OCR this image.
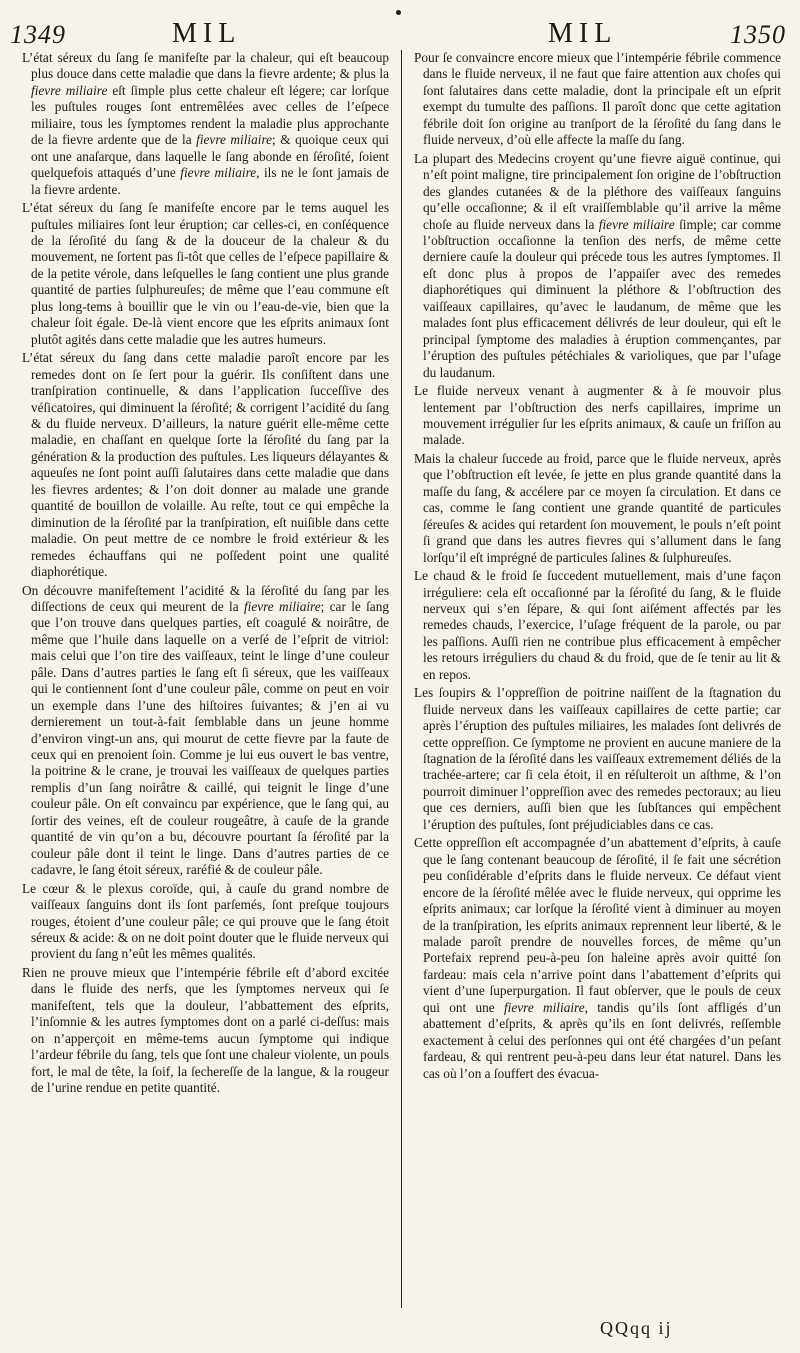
1349	MIL	MIL	1350

L’état séreux du ſang ſe manifeſte par la chaleur, qui eſt beaucoup plus douce dans cette maladie que dans la fievre ardente; & plus la fievre miliaire eſt ſimple plus cette chaleur eſt légere; car lorſque les puſtules rouges ſont entremêlées avec celles de l’eſpece miliaire, tous les ſymptomes rendent la maladie plus approchante de la fievre ardente que de la fievre miliaire; & quoique ceux qui ont une anaſarque, dans laquelle le ſang abonde en ſéroſité, ſoient quelquefois attaqués d’une fievre miliaire, ils ne le ſont jamais de la fievre ardente.

L’état séreux du ſang ſe manifeſte encore par le tems auquel les puſtules miliaires ſont leur éruption; car celles-ci, en conſéquence de la ſéroſité du ſang & de la douceur de la chaleur & du mouvement, ne ſortent pas ſi-tôt que celles de l’eſpece papillaire & de la petite vérole, dans leſquelles le ſang contient une plus grande quantité de parties ſulphureuſes; de même que l’eau commune eſt plus long-tems à bouillir que le vin ou l’eau-de-vie, bien que la chaleur ſoit égale. De-là vient encore que les eſprits animaux ſont plutôt agités dans cette maladie que les autres humeurs.

L’état séreux du ſang dans cette maladie paroît encore par les remedes dont on ſe ſert pour la guérir. Ils conſiſtent dans une tranſpiration continuelle, & dans l’application ſucceſſive des véſicatoires, qui diminuent la ſéroſité; & corrigent l’acidité du ſang & du fluide nerveux. D’ailleurs, la nature guérit elle-même cette maladie, en chaſſant en quelque ſorte la ſéroſité du ſang par la génération & la production des puſtules. Les liqueurs délayantes & aqueuſes ne ſont point auſſi ſalutaires dans cette maladie que dans les fievres ardentes; & l’on doit donner au malade une grande quantité de bouillon de volaille. Au reſte, tout ce qui empêche la diminution de la ſéroſité par la tranſpiration, eſt nuiſible dans cette maladie. On peut mettre de ce nombre le froid extérieur & les remedes échauffans qui ne poſſedent point une qualité diaphorétique.

On découvre manifeſtement l’acidité & la ſéroſité du ſang par les diſſections de ceux qui meurent de la fievre miliaire; car le ſang que l’on trouve dans quelques parties, eſt coagulé & noirâtre, de même que l’huile dans laquelle on a verſé de l’eſprit de vitriol: mais celui que l’on tire des vaiſſeaux, teint le linge d’une couleur pâle. Dans d’autres parties le ſang eſt ſi séreux, que les vaiſſeaux qui le contiennent ſont d’une couleur pâle, comme on peut en voir un exemple dans l’une des hiſtoires ſuivantes; & j’en ai vu dernierement un tout-à-fait ſemblable dans un jeune homme d’environ vingt-un ans, qui mourut de cette fievre par la faute de ceux qui en prenoient ſoin. Comme je lui eus ouvert le bas ventre, la poitrine & le crane, je trouvai les vaiſſeaux de quelques parties remplis d’un ſang noirâtre & caillé, qui teignit le linge d’une couleur pâle. On eſt convaincu par expérience, que le ſang qui, au ſortir des veines, eſt de couleur rougeâtre, à cauſe de la grande quantité de vin qu’on a bu, découvre pourtant ſa ſéroſité par la couleur pâle dont il teint le linge. Dans d’autres parties de ce cadavre, le ſang étoit séreux, raréfié & de couleur pâle.

Le cœur & le plexus coroïde, qui, à cauſe du grand nombre de vaiſſeaux ſanguins dont ils ſont parſemés, ſont preſque toujours rouges, étoient d’une couleur pâle; ce qui prouve que le ſang étoit séreux & acide: & on ne doit point douter que le fluide nerveux qui provient du ſang n’eût les mêmes qualités.

Rien ne prouve mieux que l’intempérie fébrile eſt d’abord excitée dans le fluide des nerfs, que les ſymptomes nerveux qui ſe manifeſtent, tels que la douleur, l’abbattement des eſprits, l’inſomnie & les autres ſymptomes dont on a parlé ci-deſſus: mais on n’apperçoit en même-tems aucun ſymptome qui indique l’ardeur fébrile du ſang, tels que ſont une chaleur violente, un pouls fort, le mal de tête, la ſoif, la ſechereſſe de la langue, & la rougeur de l’urine rendue en petite quantité.

Pour ſe convaincre encore mieux que l’intempérie fébrile commence dans le fluide nerveux, il ne faut que faire attention aux choſes qui ſont ſalutaires dans cette maladie, dont la principale eſt un eſprit exempt du tumulte des paſſions. Il paroît donc que cette agitation fébrile doit ſon origine au tranſport de la ſéroſité du ſang dans le fluide nerveux, d’où elle affecte la maſſe du ſang.

La plupart des Medecins croyent qu’une fievre aiguë continue, qui n’eſt point maligne, tire principalement ſon origine de l’obſtruction des glandes cutanées & de la pléthore des vaiſſeaux ſanguins qu’elle occaſionne; & il eſt vraiſſemblable qu’il arrive la même choſe au fluide nerveux dans la fievre miliaire ſimple; car comme l’obſtruction occaſionne la tenſion des nerfs, de même cette derniere cauſe la douleur qui précede tous les autres ſymptomes. Il eſt donc plus à propos de l’appaiſer avec des remedes diaphorétiques qui diminuent la pléthore & l’obſtruction des vaiſſeaux capillaires, qu’avec le laudanum, de même que les malades ſont plus efficacement délivrés de leur douleur, qui eſt le principal ſymptome des maladies à éruption commençantes, par l’éruption des puſtules pétéchiales & varioliques, que par l’uſage du laudanum.

Le fluide nerveux venant à augmenter & à ſe mouvoir plus lentement par l’obſtruction des nerfs capillaires, imprime un mouvement irrégulier ſur les eſprits animaux, & cauſe un friſſon au malade.

Mais la chaleur ſuccede au froid, parce que le fluide nerveux, après que l’obſtruction eſt levée, ſe jette en plus grande quantité dans la maſſe du ſang, & accélere par ce moyen ſa circulation. Et dans ce cas, comme le ſang contient une grande quantité de particules ſéreuſes & acides qui retardent ſon mouvement, le pouls n’eſt point ſi grand que dans les autres fievres qui s’allument dans le ſang lorſqu’il eſt imprégné de particules ſalines & ſulphureuſes.

Le chaud & le froid ſe ſuccedent mutuellement, mais d’une façon irréguliere: cela eſt occaſionné par la ſéroſité du ſang, & le fluide nerveux qui s’en ſépare, & qui ſont aiſément affectés par les remedes chauds, l’exercice, l’uſage fréquent de la parole, ou par les paſſions. Auſſi rien ne contribue plus efficacement à empêcher les retours irréguliers du chaud & du froid, que de ſe tenir au lit & en repos.

Les ſoupirs & l’oppreſſion de poitrine naiſſent de la ſtagnation du fluide nerveux dans les vaiſſeaux capillaires de cette partie; car après l’éruption des puſtules miliaires, les malades ſont delivrés de cette oppreſſion. Ce ſymptome ne provient en aucune maniere de la ſtagnation de la ſéroſité dans les vaiſſeaux extremement déliés de la trachée-artere; car ſi cela étoit, il en réſulteroit un aſthme, & l’on pourroit diminuer l’oppreſſion avec des remedes pectoraux; au lieu que ces derniers, auſſi bien que les ſubſtances qui empêchent l’éruption des puſtules, ſont préjudiciables dans ce cas.

Cette oppreſſion eſt accompagnée d’un abattement d’eſprits, à cauſe que le ſang contenant beaucoup de ſéroſité, il ſe fait une sécrétion peu conſidérable d’eſprits dans le fluide nerveux. Ce défaut vient encore de la ſéroſité mêlée avec le fluide nerveux, qui opprime les eſprits animaux; car lorſque la ſéroſité vient à diminuer au moyen de la tranſpiration, les eſprits animaux reprennent leur liberté, & le malade paroît prendre de nouvelles forces, de même qu’un Portefaix reprend peu-à-peu ſon haleine après avoir quitté ſon fardeau: mais cela n’arrive point dans l’abattement d’eſprits qui vient d’une ſuperpurgation. Il faut obſerver, que le pouls de ceux qui ont une fievre miliaire, tandis qu’ils ſont affligés d’un abattement d’eſprits, & après qu’ils en ſont delivrés, reſſemble exactement à celui des perſonnes qui ont été chargées d’un peſant fardeau, & qui rentrent peu-à-peu dans leur état naturel. Dans les cas où l’on a ſouffert des évacua-

QQqq ij
